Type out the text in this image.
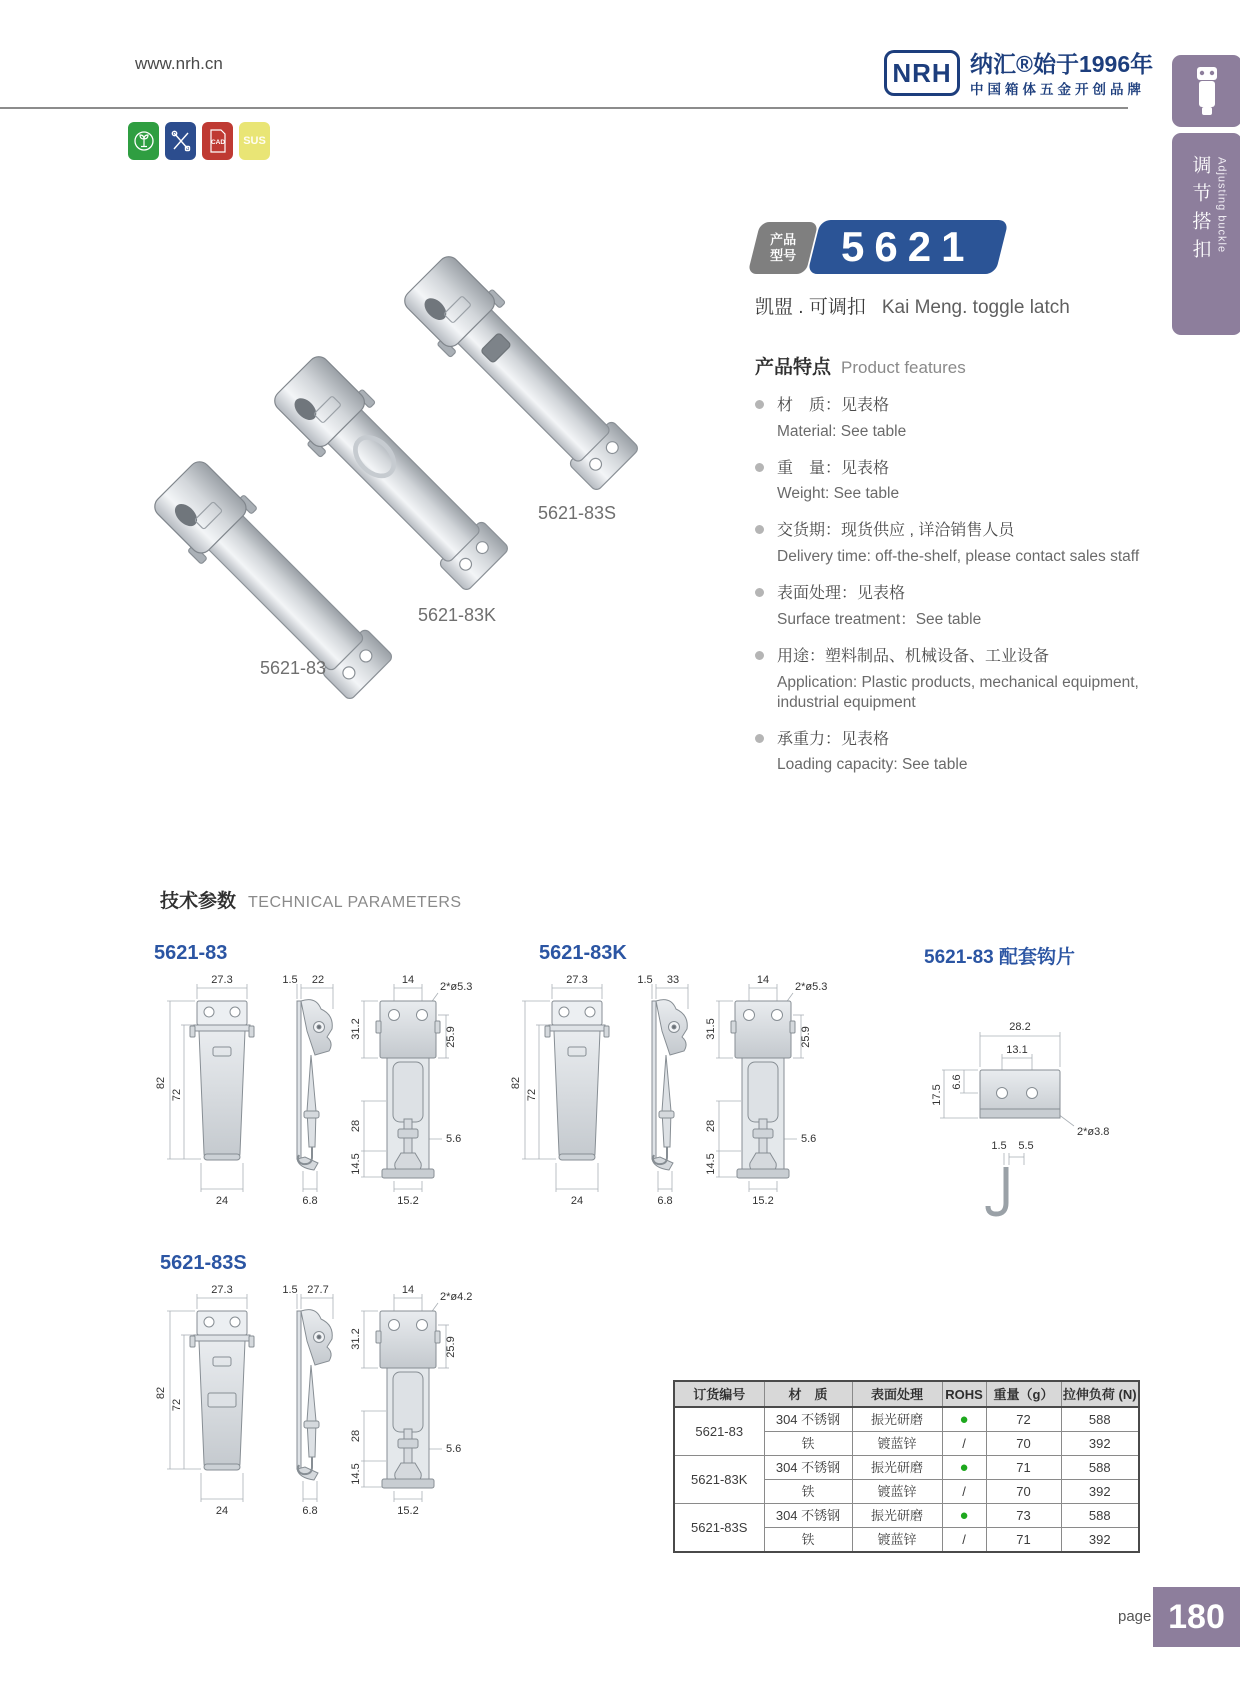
www.nrh.cn	NRH 纳汇®始于1996年
中国箱体五金开创品牌
调节搭扣 Adjusting buckle
CAD SUS
5621-83S
5621-83K
5621-83
产品
型号 5621
凯盟 . 可调扣 Kai Meng. toggle latch
产品特点 Product features
材　质：见表格
Material: See table
重　量：见表格
Weight: See table
交货期：现货供应 , 详洽销售人员
Delivery time: off-the-shelf, please contact sales staff
表面处理：见表格
Surface treatment：See table
用途：塑料制品、机械设备、工业设备
Application: Plastic products, mechanical equipment, industrial equipment
承重力：见表格
Loading capacity: See table
技术参数 TECHNICAL PARAMETERS
5621-83
27.3	1.5 22	14
2*ø5.3
82
72
31.2	25.9
28
14.5
5.6
24	6.8	15.2
5621-83K
27.3	1.5 33	14
2*ø5.3
82
72
31.5	25.9
28
14.5
5.6
24	6.8	15.2
5621-83 配套钩片
28.2
13.1
6.6
17.5
2*ø3.8
1.5 5.5
5621-83S
27.3	1.5 27.7	14
2*ø4.2
82
72
31.2	25.9
28
14.5
5.6
24	6.8	15.2
订货编号	材　质	表面处理	ROHS	重量（g）	拉伸负荷 (N)
5621-83	304 不锈钢	振光研磨	●	72	588
	铁	镀蓝锌	/	70	392
5621-83K	304 不锈钢	振光研磨	●	71	588
	铁	镀蓝锌	/	70	392
5621-83S	304 不锈钢	振光研磨	●	73	588
	铁	镀蓝锌	/	71	392
page 180
